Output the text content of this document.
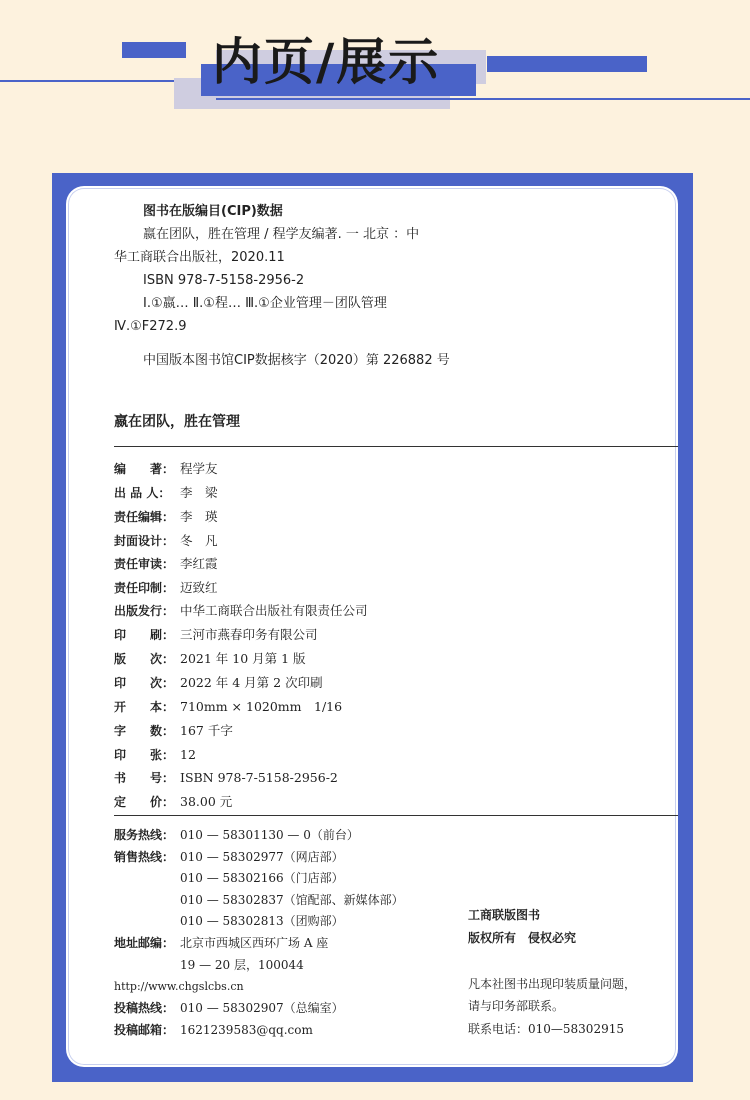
内页/展示
图书在版编目(CIP)数据
嬴在团队，胜在管理 / 程学友编著. 一 北京 ：中
华工商联合出版社，2020.11
ISBN 978-7-5158-2956-2
Ⅰ.①嬴… Ⅱ.①程… Ⅲ.①企业管理－团队管理
Ⅳ.①F272.9
中国版本图书馆CIP数据核字（2020）第 226882 号
嬴在团队，胜在管理
编　　著： 程学友
出 品 人： 李　梁
责任编辑： 李　瑛
封面设计： 冬　凡
责任审读： 李红霞
责任印制： 迈致红
出版发行： 中华工商联合出版社有限责任公司
印　　刷： 三河市燕春印务有限公司
版　　次： 2021 年 10 月第 1 版
印　　次： 2022 年 4 月第 2 次印刷
开　　本： 710mm × 1020mm　1/16
字　　数： 167 千字
印　　张： 12
书　　号： ISBN 978-7-5158-2956-2
定　　价： 38.00 元
服务热线： 010 — 58301130 — 0（前台）
销售热线： 010 — 58302977（网店部）
010 — 58302166（门店部）
010 — 58302837（馆配部、新媒体部）
010 — 58302813（团购部）
地址邮编： 北京市西城区西环广场 A 座
19 — 20 层，100044
http://www.chgslcbs.cn
投稿热线： 010 — 58302907（总编室）
投稿邮箱： 1621239583@qq.com
工商联版图书
版权所有　侵权必究
凡本社图书出现印装质量问题，
请与印务部联系。
联系电话：010—58302915
